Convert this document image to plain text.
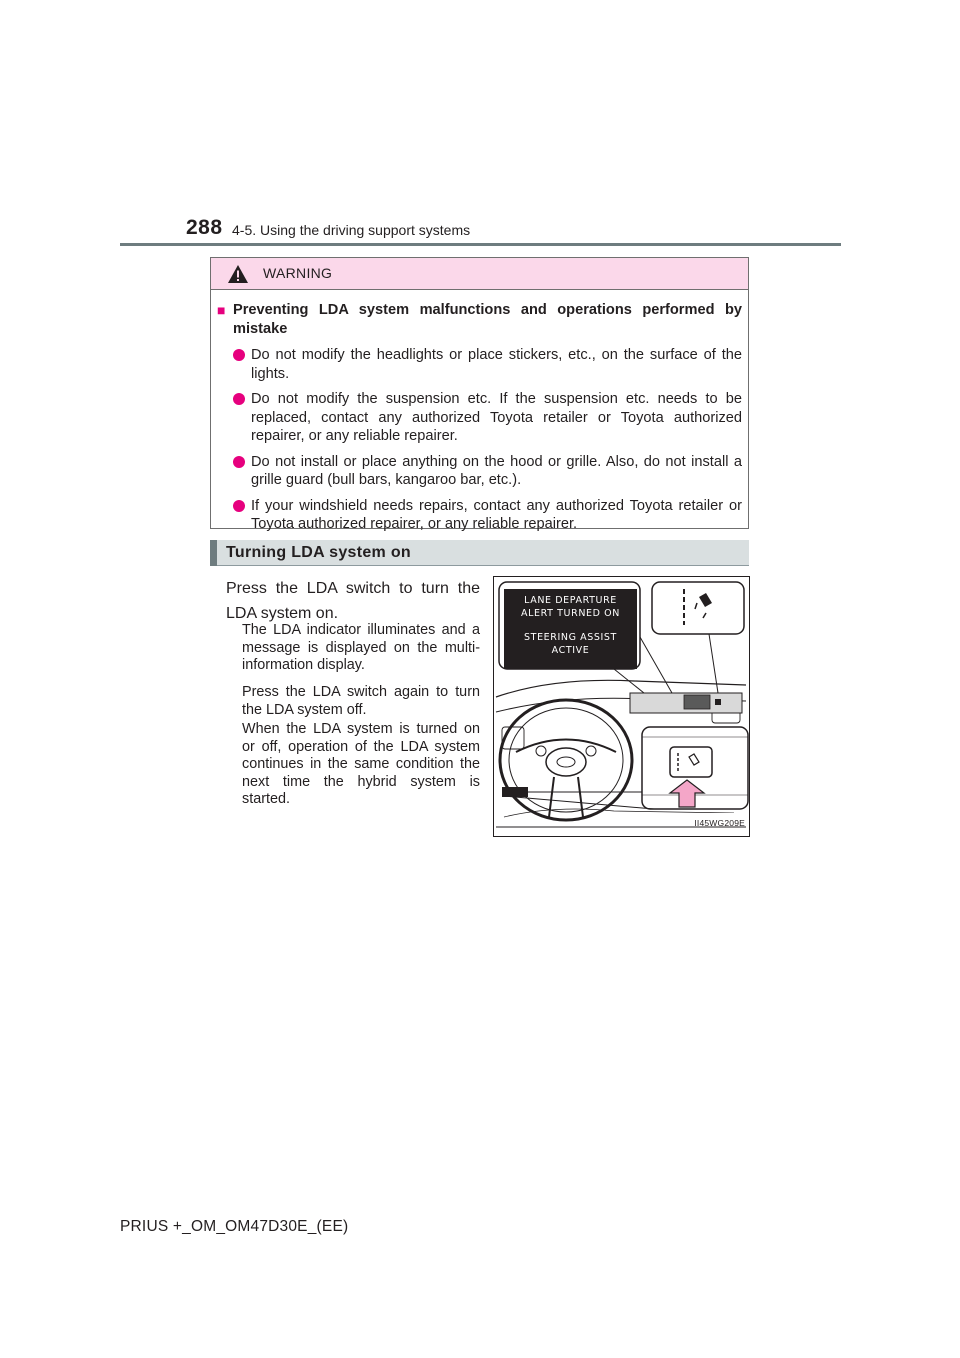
288 4-5. Using the driving support systems
WARNING
■ Preventing LDA system malfunctions and operations performed by mistake
Do not modify the headlights or place stickers, etc., on the surface of the lights.
Do not modify the suspension etc. If the suspension etc. needs to be replaced, contact any authorized Toyota retailer or Toyota authorized repairer, or any reliable repairer.
Do not install or place anything on the hood or grille. Also, do not install a grille guard (bull bars, kangaroo bar, etc.).
If your windshield needs repairs, contact any authorized Toyota retailer or Toyota authorized repairer, or any reliable repairer.
Turning LDA system on
Press the LDA switch to turn the LDA system on.
The LDA indicator illuminates and a message is displayed on the multi-information display.
Press the LDA switch again to turn the LDA system off.
When the LDA system is turned on or off, operation of the LDA system continues in the same condition the next time the hybrid system is started.
LANE DEPARTURE
ALERT TURNED ON
STEERING ASSIST
ACTIVE
II45WG209E
PRIUS +_OM_OM47D30E_(EE)
